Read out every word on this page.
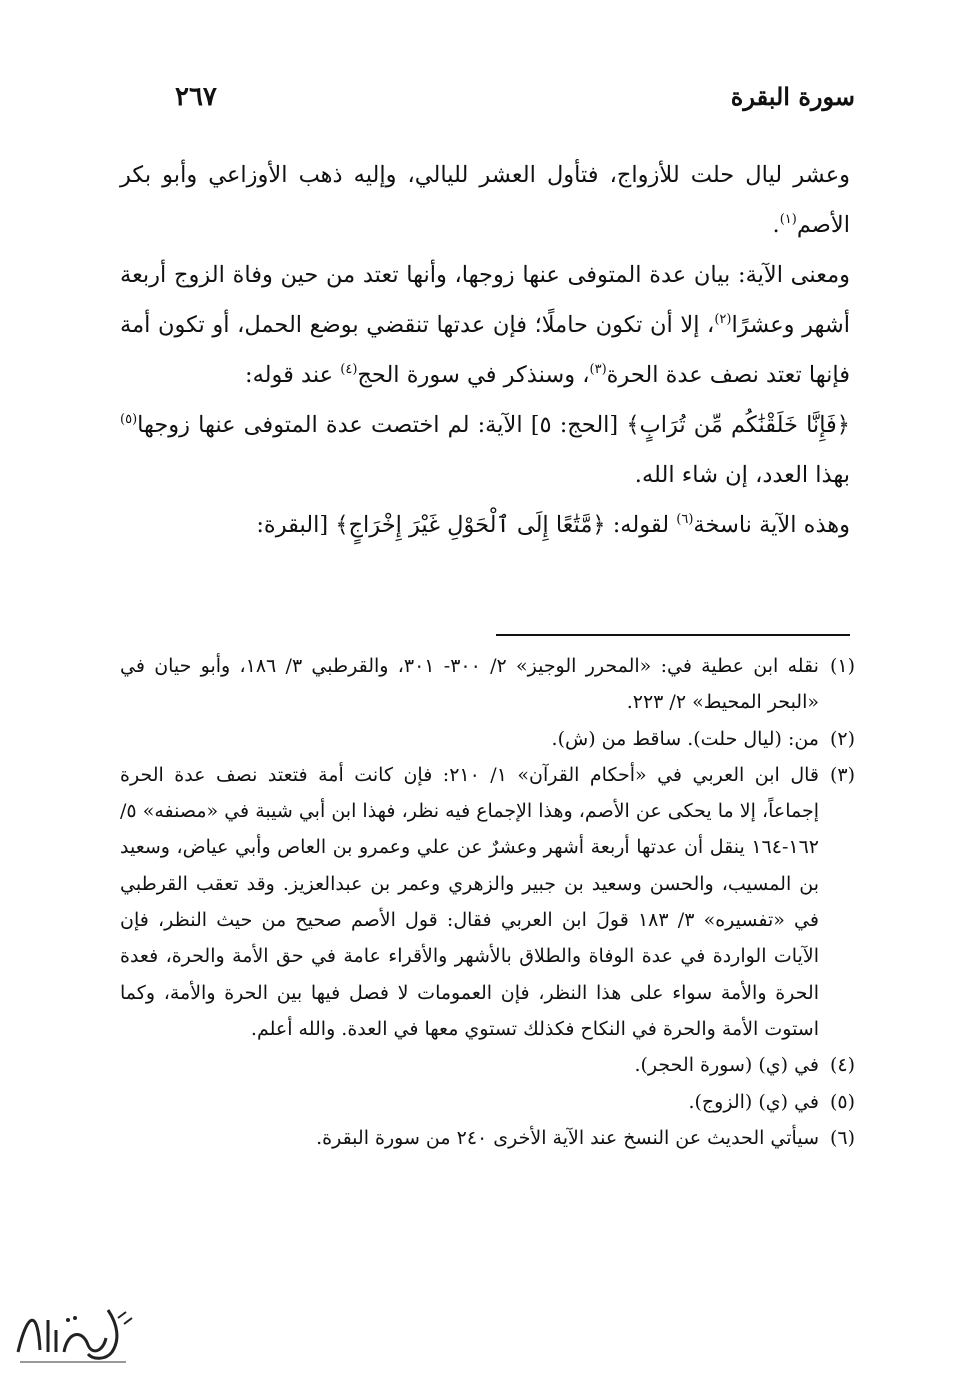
سورة البقرة
٢٦٧

وعشر ليال حلت للأزواج، فتأول العشر لليالي، وإليه ذهب الأوزاعي وأبو بكر الأصم$^{(١)}$.

ومعنى الآية: بيان عدة المتوفى عنها زوجها، وأنها تعتد من حين وفاة الزوج أربعة أشهر وعشرًا$^{(٢)}$، إلا أن تكون حاملًا؛ فإن عدتها تنقضي بوضع الحمل، أو تكون أمة فإنها تعتد نصف عدة الحرة$^{(٣)}$، وسنذكر في سورة الحج$^{(٤)}$ عند قوله:

﴿فَإِنَّا خَلَقْنَٰكُم مِّن تُرَابٍ﴾ [الحج: ٥] الآية: لم اختصت عدة المتوفى عنها زوجها$^{(٥)}$ بهذا العدد، إن شاء الله.

وهذه الآية ناسخة$^{(٦)}$ لقوله: ﴿مَّتَٰعًا إِلَى ٱلْحَوْلِ غَيْرَ إِخْرَاجٍ﴾ [البقرة:

(١)
نقله ابن عطية في: «المحرر الوجيز» ٢/ ٣٠٠- ٣٠١، والقرطبي ٣/ ١٨٦، وأبو حيان في «البحر المحيط» ٢/ ٢٢٣.

(٢)
من: (ليال حلت). ساقط من (ش).

(٣)
قال ابن العربي في «أحكام القرآن» ١/ ٢١٠: فإن كانت أمة فتعتد نصف عدة الحرة إجماعاً، إلا ما يحكى عن الأصم، وهذا الإجماع فيه نظر، فهذا ابن أبي شيبة في «مصنفه» ٥/ ١٦٢-١٦٤ ينقل أن عدتها أربعة أشهر وعشرٌ عن علي وعمرو بن العاص وأبي عياض، وسعيد بن المسيب، والحسن وسعيد بن جبير والزهري وعمر بن عبدالعزيز. وقد تعقب القرطبي في «تفسيره» ٣/ ١٨٣ قولَ ابن العربي فقال: قول الأصم صحيح من حيث النظر، فإن الآيات الواردة في عدة الوفاة والطلاق بالأشهر والأقراء عامة في حق الأمة والحرة، فعدة الحرة والأمة سواء على هذا النظر، فإن العمومات لا فصل فيها بين الحرة والأمة، وكما استوت الأمة والحرة في النكاح فكذلك تستوي معها في العدة. والله أعلم.

(٤)
في (ي) (سورة الحجر).

(٥)
في (ي) (الزوج).

(٦)
سيأتي الحديث عن النسخ عند الآية الأخرى ٢٤٠ من سورة البقرة.
